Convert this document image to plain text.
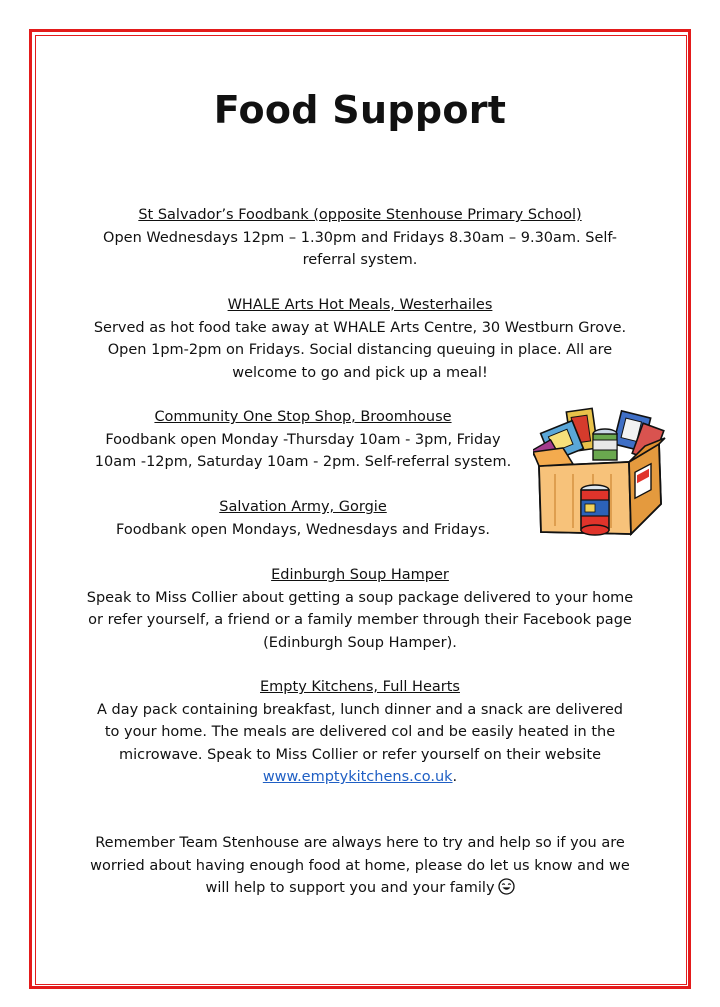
Food Support
St Salvador’s Foodbank (opposite Stenhouse Primary School)
Open Wednesdays 12pm – 1.30pm and Fridays 8.30am – 9.30am. Self-referral system.
WHALE Arts Hot Meals, Westerhailes
Served as hot food take away at WHALE Arts Centre, 30 Westburn Grove. Open 1pm-2pm on Fridays. Social distancing queuing in place. All are welcome to go and pick up a meal!
Community One Stop Shop, Broomhouse
Foodbank open Monday -Thursday 10am - 3pm, Friday 10am -12pm, Saturday 10am - 2pm. Self-referral system.
Salvation Army, Gorgie
Foodbank open Mondays, Wednesdays and Fridays.
Edinburgh Soup Hamper
Speak to Miss Collier about getting a soup package delivered to your home or refer yourself, a friend or a family member through their Facebook page (Edinburgh Soup Hamper).
Empty Kitchens, Full Hearts
A day pack containing breakfast, lunch dinner and a snack are delivered to your home. The meals are delivered col and be easily heated in the microwave. Speak to Miss Collier or refer yourself on their website www.emptykitchens.co.uk.
Remember Team Stenhouse are always here to try and help so if you are worried about having enough food at home, please do let us know and we will help to support you and your family
